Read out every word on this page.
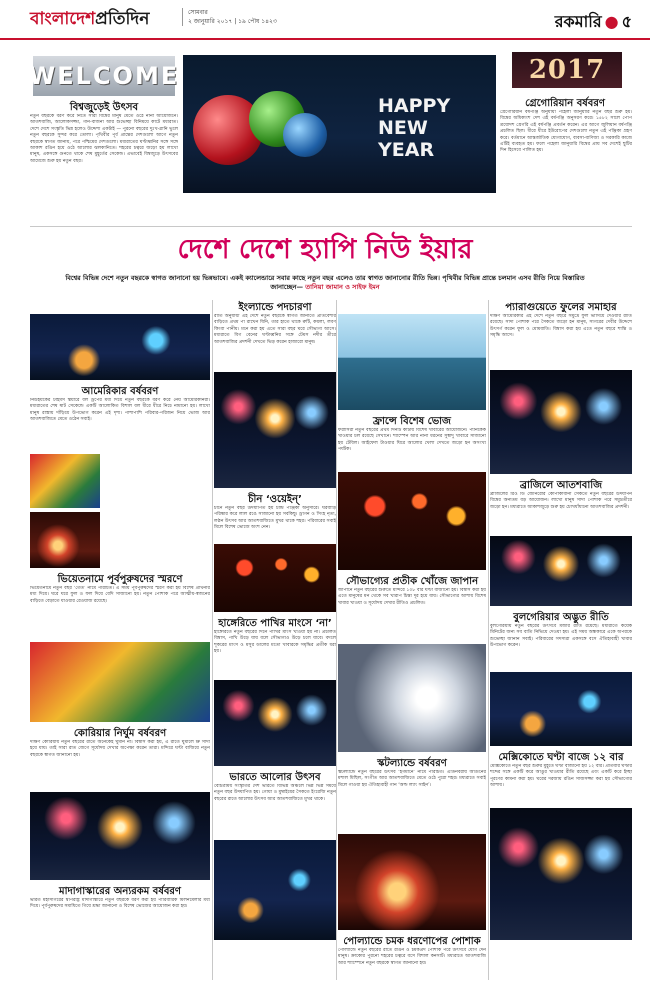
বাংলাদেশপ্রতিদিন	সোমবার
২ জানুয়ারি ২০১৭ | ১৯ পৌষ ১৪২৩	রকমারি ● ৫
WELCOME
বিশ্বজুড়েই উৎসব
নতুন বছরকে বরণ করে নিতে সারা বিশ্বের মানুষ মেতে ওঠে নানা আয়োজনে। আতশবাজি, আলোকসজ্জা, গান-বাজনা আর শুভেচ্ছা বিনিময়ে কাটে মধ্যরাত। দেশে দেশে সংস্কৃতি ভিন্ন হলেও উদ্দেশ্য একটাই — পুরনো বছরের দুঃখ-গ্লানি ভুলে নতুন বছরকে সুন্দর করে তোলা। পৃথিবীর পূর্ব প্রান্তের দেশগুলো আগে নতুন বছরকে স্বাগত জানায়, পরে পশ্চিমের দেশগুলো। মধ্যরাতের ঘণ্টাধ্বনির সঙ্গে সঙ্গে আকাশ রঙিন হয়ে ওঠে আলোর ঝলকানিতে। শহরের চত্বরে জড়ো হয় লাখো মানুষ, একসঙ্গে গুনতে থাকে শেষ মুহূর্তের সেকেন্ড। এভাবেই বিশ্বজুড়ে উৎসবের আমেজে শুরু হয় নতুন বছর।
HAPPY
NEW YEAR
2017
গ্রেগোরিয়ান বর্ষবরণ
গ্রেগোরিয়ান বর্ষপঞ্জি অনুযায়ী পহেলা জানুয়ারি নতুন বছর শুরু হয়। বিশ্বের অধিকাংশ দেশ এই বর্ষপঞ্জি অনুসরণ করে। ১৫৮২ সালে পোপ ত্রয়োদশ গ্রেগরি এই বর্ষপঞ্জি প্রবর্তন করেন। এর আগে জুলিয়ান বর্ষপঞ্জি প্রচলিত ছিল। ধীরে ধীরে ইউরোপের দেশগুলো নতুন এই পঞ্জিকা গ্রহণ করে। বর্তমানে আন্তর্জাতিক যোগাযোগ, ব্যবসা-বাণিজ্য ও সরকারি কাজে এটিই ব্যবহৃত হয়। ফলে পহেলা জানুয়ারি বিশ্বের প্রায় সব দেশেই ছুটির দিন হিসেবে পালিত হয়।
দেশে দেশে হ্যাপি নিউ ইয়ার
বিশ্বের বিভিন্ন দেশে নতুন বছরকে স্বাগত জানানো হয় ভিন্নভাবে। একই ক্যালেন্ডারে সবার কাছে নতুন বছর এলেও তার স্বাগত জানানোর রীতি ভিন্ন। পৃথিবীর বিভিন্ন প্রান্তে চলমান এসব রীতি নিয়ে বিস্তারিত জানাচ্ছেন— তানিয়া জামান ও সাইফ ইমন
আমেরিকার বর্ষবরণ
নিউইয়র্কের টাইমস স্কয়ারে বল ড্রপের মধ্য দিয়ে নতুন বছরকে বরণ করে নেয় আমেরিকানরা। মধ্যরাতের শেষ ষাট সেকেন্ডে একটি আলোকিত বিশাল বল ধীরে ধীরে নিচে নামানো হয়। লাখো মানুষ রাস্তায় দাঁড়িয়ে উপভোগ করেন এই দৃশ্য। পাশাপাশি পরিবার-পরিজন নিয়ে ভোজ আর আতশবাজিতে মেতে ওঠেন সবাই।
ভিয়েতনামে পূর্বপুরুষদের স্মরণে
ভিয়েতনামে নতুন বছর ‘তেত’ নামে পরিচিত। এ সময় পূর্বপুরুষদের স্মরণ করা হয় বিশেষ প্রার্থনার মধ্য দিয়ে। ঘরে ঘরে ফুল ও ফল দিয়ে বেদি সাজানো হয়। নতুন পোশাক পরে আত্মীয়-স্বজনের বাড়িতে বেড়াতে যাওয়ার রেওয়াজ রয়েছে।
কোরিয়ার নির্ঘুম বর্ষবরণ
দক্ষিণ কোরিয়ায় নতুন বছরের রাতে অনেকেই ঘুমান না। বিশ্বাস করা হয়, এ রাতে ঘুমালে ভ্রু সাদা হয়ে যায়। তাই সারা রাত জেগে সূর্যোদয় দেখার অপেক্ষা করেন তারা। মন্দিরে ঘণ্টা বাজিয়ে নতুন বছরকে স্বাগত জানানো হয়।
মাদাগাস্কারের অন্যরকম বর্ষবরণ
ভারত মহাসাগরের দ্বীপরাষ্ট্র মাদাগাস্কারে নতুন বছরকে বরণ করা হয় পারিবারিক মিলনমেলার মধ্য দিয়ে। পূর্বপুরুষদের সমাধিতে গিয়ে শ্রদ্ধা জানানো ও বিশেষ ভোজের আয়োজন করা হয়।
ইংল্যান্ডে পদচারণা
রীতি অনুযায়ী এই দেশে নতুন বছরকে স্বাগত জানাতে প্রতিবেশীর বাড়িতে প্রথম পা রাখেন যিনি, তার হাতে থাকে রুটি, কয়লা, লবণ কিংবা পানীয়। মনে করা হয় এতে সারা বছর ঘরে সৌভাগ্য আসে। মধ্যরাতে বিগ বেনের ঘণ্টাধ্বনির সঙ্গে টেমস নদীর তীরে আতশবাজির প্রদর্শনী দেখতে ভিড় করেন হাজারো মানুষ।
চীন ‘ওয়েইন্’
চীনে নতুন বছর উদযাপিত হয় চান্দ্র পঞ্জিকা অনুসারে। ঘরবাড়ি পরিষ্কার করে লাল রঙে সাজানো হয় সবকিছু। ড্রাগন ও সিংহ নৃত্য, লণ্ঠন উৎসব আর আতশবাজিতে মুখর থাকে শহর। পরিবারের সবাই মিলে বিশেষ ভোজে অংশ নেন।
হাঙ্গেরিতে পাখির মাংসে ‘না’
হাঙ্গেরিতে নতুন বছরের দিনে পাখির মাংস খাওয়া হয় না। প্রচলিত বিশ্বাস, পাখি উড়ে যায় বলে সৌভাগ্যও উড়ে চলে যাবে। বদলে শূকরের মাংস ও মসুর ডালের মতো খাবারকে সমৃদ্ধির প্রতীক ধরা হয়।
ভারতে আলোর উৎসব
বৈচিত্র্যময় সংস্কৃতির দেশ ভারতে বিভিন্ন অঞ্চলে ভিন্ন ভিন্ন সময়ে নতুন বছর উদযাপিত হয়। গোয়া ও মুম্বাইয়ের সৈকতে ইংরেজি নতুন বছরের রাতে আলোর উৎসব আর আতশবাজিতে মুখর থাকে।
ফ্রান্সে বিশেষ ভোজ
ফরাসিরা নতুন বছরের প্রথম দিনটি কাটায় বিশেষ খাবারের আয়োজনে। প্যানকেক খাওয়ার চল রয়েছে সেখানে। শ্যাম্পেন আর নানা ধরনের সুস্বাদু খাবারে সাজানো হয় টেবিল। আইফেল টাওয়ার ঘিরে আলোর খেলা দেখতে জড়ো হন অসংখ্য পর্যটক।
সৌভাগ্যের প্রতীক খোঁজে জাপান
জাপানে নতুন বছরের শুরুতে মন্দিরে ১০৮ বার ঘণ্টা বাজানো হয়। বিশ্বাস করা হয় এতে মানুষের মন থেকে সব খারাপ চিন্তা দূর হয়ে যায়। সৌভাগ্যের আশায় বিশেষ খাবার খাওয়া ও সূর্যোদয় দেখার রীতিও প্রচলিত।
স্কটল্যান্ডে বর্ষবরণ
স্কটল্যান্ডে নতুন বছরের উৎসব ‘হগমানে’ নামে পরিচিত। এডিনবরায় আগুনের মশাল মিছিল, সংগীত আর আতশবাজিতে মেতে ওঠে পুরো শহর। মধ্যরাতে সবাই মিলে গাওয়া হয় ঐতিহ্যবাহী গান ‘অল্ড ল্যাং সাইন’।
পোল্যান্ডে চমক ধরণোপের পোশাক
পোল্যান্ডে নতুন বছরের রাতে রঙিন ও চমকপ্রদ পোশাক পরে উৎসবে যোগ দেন মানুষ। ক্রাকোর পুরনো শহরের চত্বরে বসে বিশাল কনসার্ট। মধ্যরাতে আতশবাজি আর শ্যাম্পেনে নতুন বছরকে স্বাগত জানানো হয়।
প্যারাগুয়েতে ফুলের সমাহার
দক্ষিণ আমেরিকার এই দেশে নতুন বছরে সমুদ্রে ফুল ভাসিয়ে দেওয়ার রীতি রয়েছে। সাদা পোশাক পরে সৈকতে জড়ো হন মানুষ, সাগরের দেবীর উদ্দেশে উৎসর্গ করেন ফুল ও মোমবাতি। বিশ্বাস করা হয় এতে নতুন বছরে শান্তি ও সমৃদ্ধি আসে।
ব্রাজিলে আতশবাজি
ব্রাজিলের রিও ডি জেনিরোর কোপাকাবানা সৈকতে নতুন বছরের উদযাপন বিশ্বের অন্যতম বড় আয়োজন। লাখো মানুষ সাদা পোশাক পরে সমুদ্রতীরে জড়ো হন। মধ্যরাতে আকাশজুড়ে শুরু হয় চোখধাঁধানো আতশবাজির প্রদর্শনী।
বুলগেরিয়ার অদ্ভুত রীতি
বুলগেরিয়ায় নতুন বছরের উৎসবে মজার রীতি রয়েছে। মধ্যরাতে কয়েক মিনিটের জন্য সব বাতি নিভিয়ে দেওয়া হয়। এই সময় অন্ধকারে একে অপরকে শুভেচ্ছা জানান সবাই। পরিবারের সদস্যরা একসঙ্গে বসে ঐতিহ্যবাহী খাবার উপভোগ করেন।
মেক্সিকোতে ঘণ্টা বাজে ১২ বার
মেক্সিকোতে নতুন বছর শুরুর মুহূর্তে ঘণ্টা বাজানো হয় ১২ বার। প্রতিবার ঘণ্টার শব্দের সঙ্গে একটি করে আঙুর খাওয়ার রীতি রয়েছে এবং একটি করে ইচ্ছা পূরণের কামনা করা হয়। ঘরের দরজায় রঙিন সাজসজ্জা করা হয় সৌভাগ্যের আশায়।
